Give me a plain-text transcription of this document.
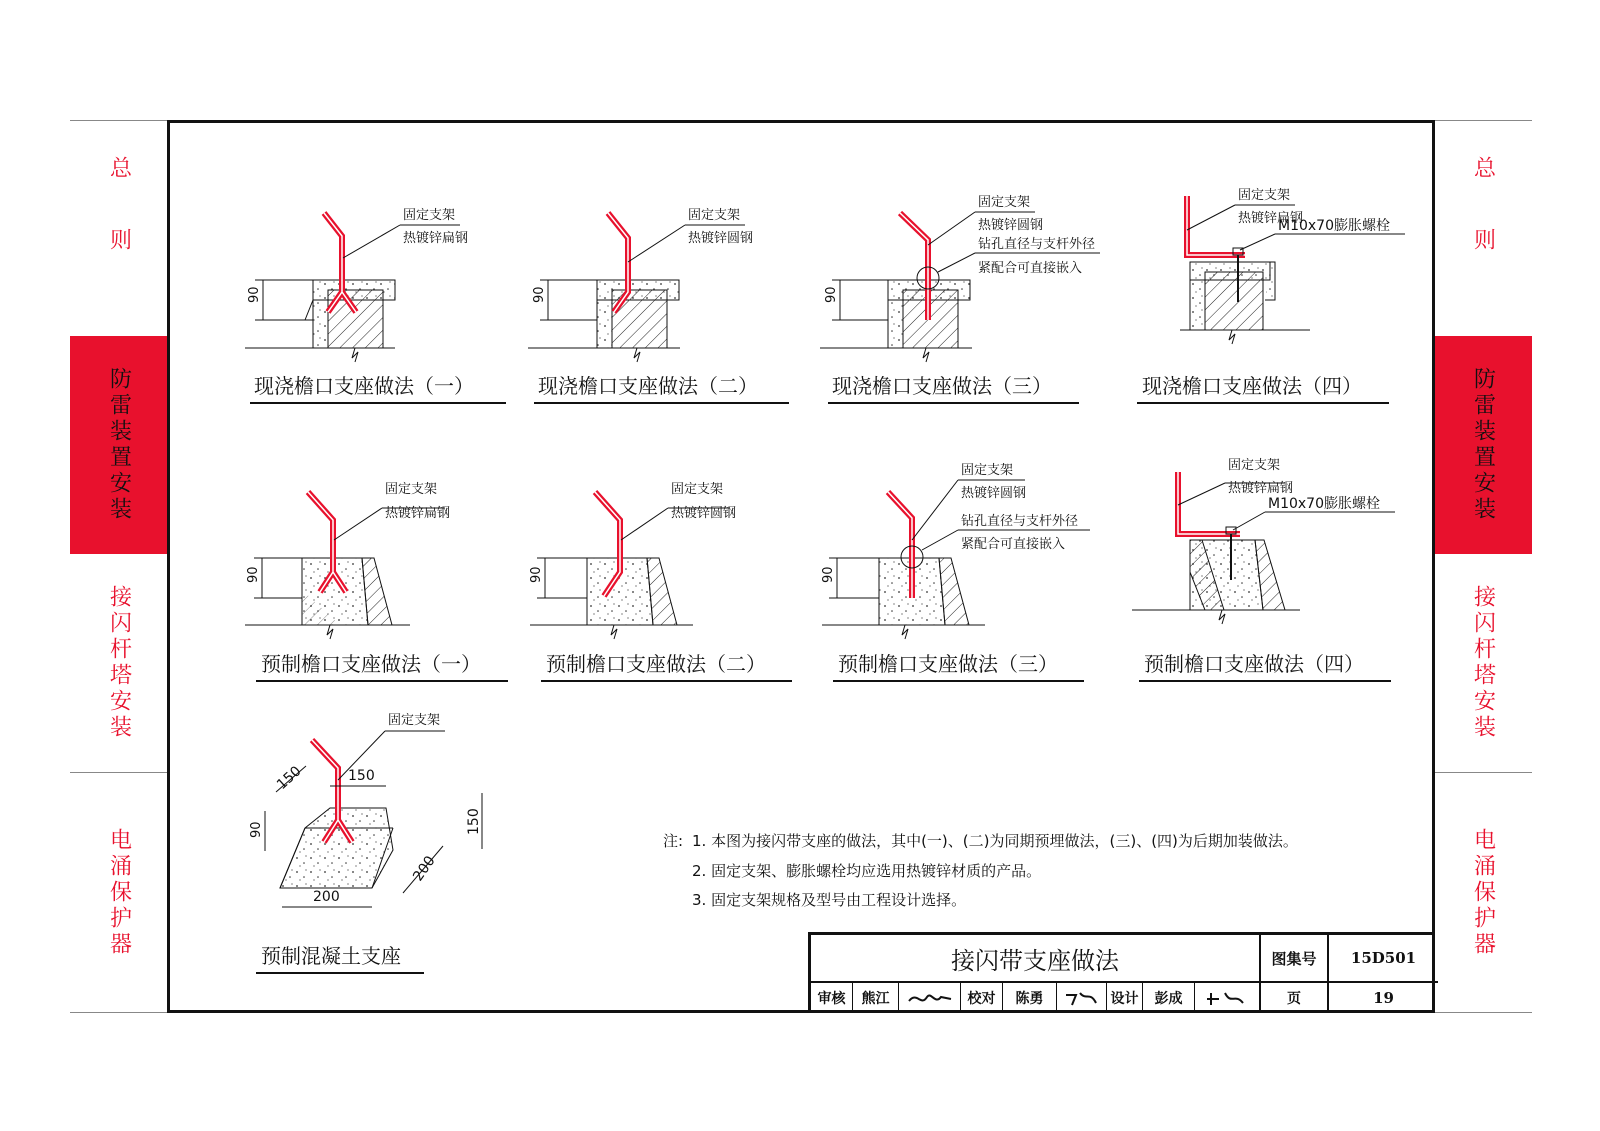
总则
防雷装置安装
接闪杆塔安装
电涌保护器
总则
防雷装置安装
接闪杆塔安装
电涌保护器
固定支架
热镀锌扁钢
90
现浇檐口支座做法（一）
固定支架
热镀锌圆钢
90
现浇檐口支座做法（二）
固定支架
热镀锌圆钢
钻孔直径与支杆外径
紧配合可直接嵌入
90
现浇檐口支座做法（三）
固定支架
热镀锌扁钢
M10x70膨胀螺栓
现浇檐口支座做法（四）
固定支架
热镀锌扁钢
90
预制檐口支座做法（一）
固定支架
热镀锌圆钢
90
预制檐口支座做法（二）
固定支架
热镀锌圆钢
钻孔直径与支杆外径
紧配合可直接嵌入
90
预制檐口支座做法（三）
固定支架
热镀锌扁钢
M10x70膨胀螺栓
预制檐口支座做法（四）
固定支架
150
150
90	150
200
200
预制混凝土支座
注: 1. 本图为接闪带支座的做法，其中(一)、(二)为同期预埋做法，(三)、(四)为后期加装做法。
2. 固定支架、膨胀螺栓均应选用热镀锌材质的产品。
3. 固定支架规格及型号由工程设计选择。
接闪带支座做法	图集号	15D501
审核	熊江	校对	陈勇	设计	彭成	页	19
